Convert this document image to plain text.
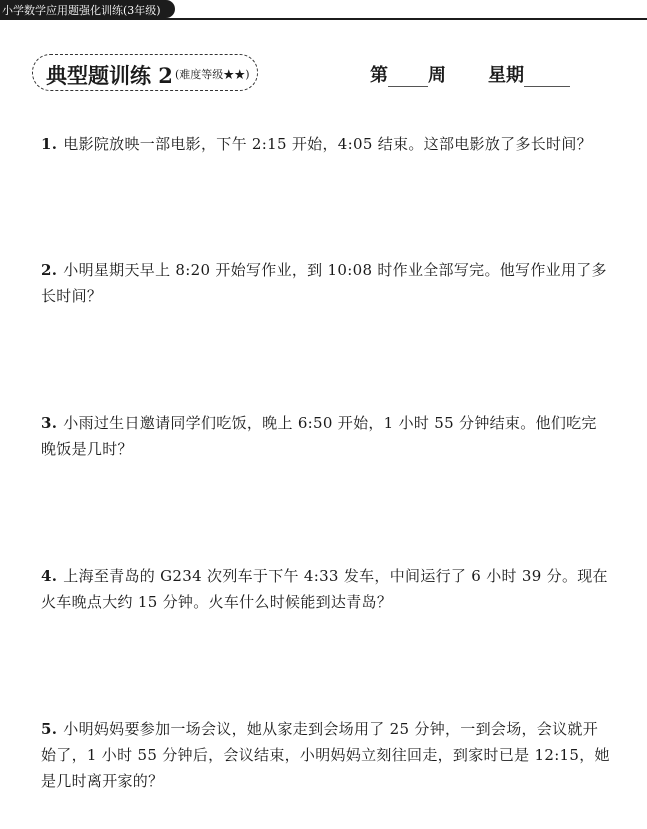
小学数学应用题强化训练(3年级)
典型题训练 2 (难度等级★★)	第 周 星期
1. 电影院放映一部电影，下午 2:15 开始，4:05 结束。这部电影放了多长时间？
2. 小明星期天早上 8:20 开始写作业，到 10:08 时作业全部写完。他写作业用了多长时间？
3. 小雨过生日邀请同学们吃饭，晚上 6:50 开始，1 小时 55 分钟结束。他们吃完晚饭是几时？
4. 上海至青岛的 G234 次列车于下午 4:33 发车，中间运行了 6 小时 39 分。现在火车晚点大约 15 分钟。火车什么时候能到达青岛？
5. 小明妈妈要参加一场会议，她从家走到会场用了 25 分钟，一到会场，会议就开始了，1 小时 55 分钟后，会议结束，小明妈妈立刻往回走，到家时已是 12:15，她是几时离开家的？
